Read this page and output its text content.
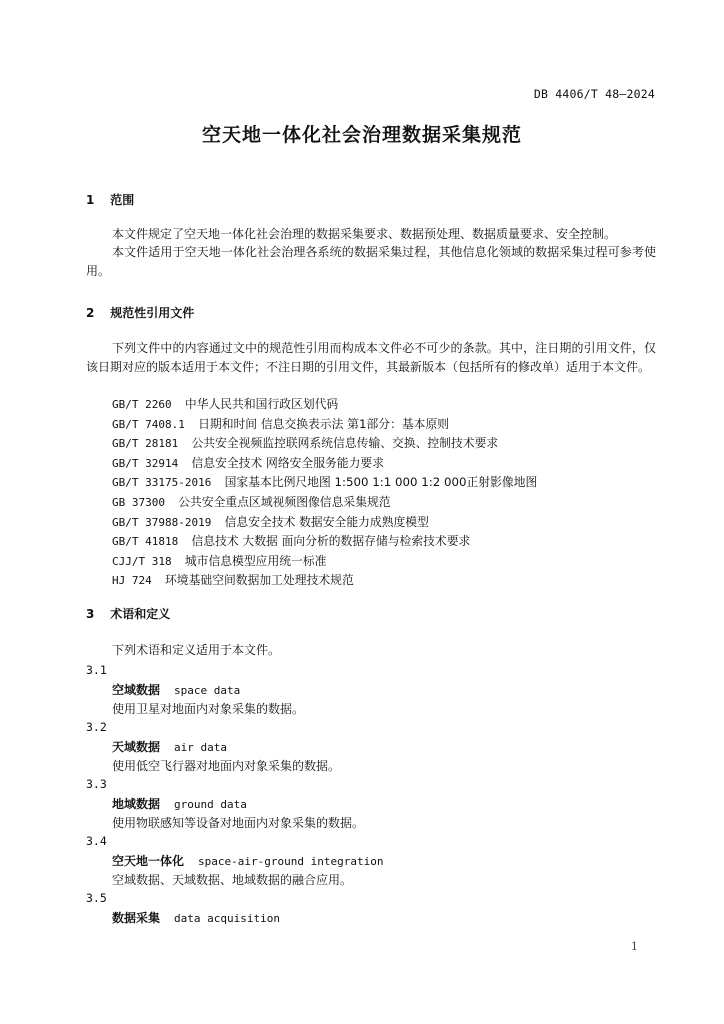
DB 4406/T 48—2024
空天地一体化社会治理数据采集规范
1 范围
本文件规定了空天地一体化社会治理的数据采集要求、数据预处理、数据质量要求、安全控制。
本文件适用于空天地一体化社会治理各系统的数据采集过程，其他信息化领域的数据采集过程可参考使用。
2 规范性引用文件
下列文件中的内容通过文中的规范性引用而构成本文件必不可少的条款。其中，注日期的引用文件，仅该日期对应的版本适用于本文件；不注日期的引用文件，其最新版本（包括所有的修改单）适用于本文件。
GB/T 2260 中华人民共和国行政区划代码
GB/T 7408.1 日期和时间 信息交换表示法 第1部分：基本原则
GB/T 28181 公共安全视频监控联网系统信息传输、交换、控制技术要求
GB/T 32914 信息安全技术 网络安全服务能力要求
GB/T 33175-2016 国家基本比例尺地图 1:500 1:1 000 1:2 000正射影像地图
GB 37300 公共安全重点区域视频图像信息采集规范
GB/T 37988-2019 信息安全技术 数据安全能力成熟度模型
GB/T 41818 信息技术 大数据 面向分析的数据存储与检索技术要求
CJJ/T 318 城市信息模型应用统一标准
HJ 724 环境基础空间数据加工处理技术规范
3 术语和定义
下列术语和定义适用于本文件。
3.1
空域数据 space data
使用卫星对地面内对象采集的数据。
3.2
天域数据 air data
使用低空飞行器对地面内对象采集的数据。
3.3
地域数据 ground data
使用物联感知等设备对地面内对象采集的数据。
3.4
空天地一体化 space-air-ground integration
空域数据、天域数据、地域数据的融合应用。
3.5
数据采集 data acquisition
1
